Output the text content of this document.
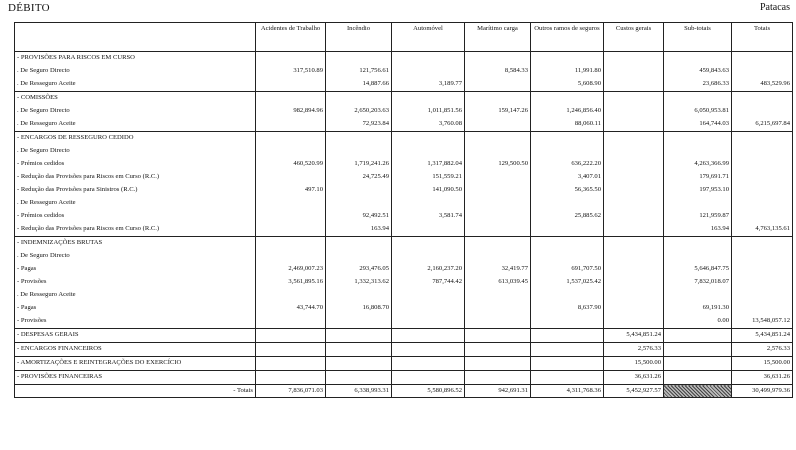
DÉBITO	Patacas
	Acidentes de Trabalho	Incêndio	Automóvel	Marítimo carga	Outros ramos de seguros	Custos gerais	Sub-totais	Totais
- PROVISÕES PARA RISCOS EM CURSO								
. De Seguro Directo	317,510.89	121,756.61		8,584.33	11,991.80		459,843.63	
. De Resseguro Aceite		14,887.66	3,189.77		5,608.90		23,686.33	483,529.96
- COMISSÕES								
. De Seguro Directo	982,894.96	2,650,203.63	1,011,851.56	159,147.26	1,246,856.40		6,050,953.81	
. De Resseguro Aceite		72,923.84	3,760.08		88,060.11		164,744.03	6,215,697.84
- ENCARGOS DE RESSEGURO CEDIDO								
. De Seguro Directo								
- Prémios cedidos	460,520.99	1,719,241.26	1,317,882.04	129,500.50	636,222.20		4,263,366.99	
- Redução das Provisões para Riscos em Curso (R.C.)		24,725.49	151,559.21		3,407.01		179,691.71	
- Redução das Provisões para Sinistros (R.C.)	497.10		141,090.50		56,365.50		197,953.10	
. De Resseguro Aceite								
- Prémios cedidos		92,492.51	3,581.74		25,885.62		121,959.87	
- Redução das Provisões para Riscos em Curso (R.C.)		163.94					163.94	4,763,135.61
- INDEMNIZAÇÕES BRUTAS								
. De Seguro Directo								
- Pagas	2,469,007.23	293,476.05	2,160,237.20	32,419.77	691,707.50		5,646,847.75	
- Provisões	3,561,895.16	1,332,313.62	787,744.42	613,039.45	1,537,025.42		7,832,018.07	
. De Resseguro Aceite								
- Pagas	43,744.70	16,808.70			8,637.90		69,191.30	
- Provisões							0.00	13,548,057.12
- DESPESAS GERAIS						5,434,851.24		5,434,851.24
- ENCARGOS FINANCEIROS						2,576.33		2,576.33
- AMORTIZAÇÕES E REINTEGRAÇÕES DO EXERCÍCIO						15,500.00		15,500.00
- PROVISÕES FINANCEIRAS						36,631.26		36,631.26
- Totais	7,836,071.03	6,338,993.31	5,580,896.52	942,691.31	4,311,768.36	5,452,927.57		30,499,979.36
